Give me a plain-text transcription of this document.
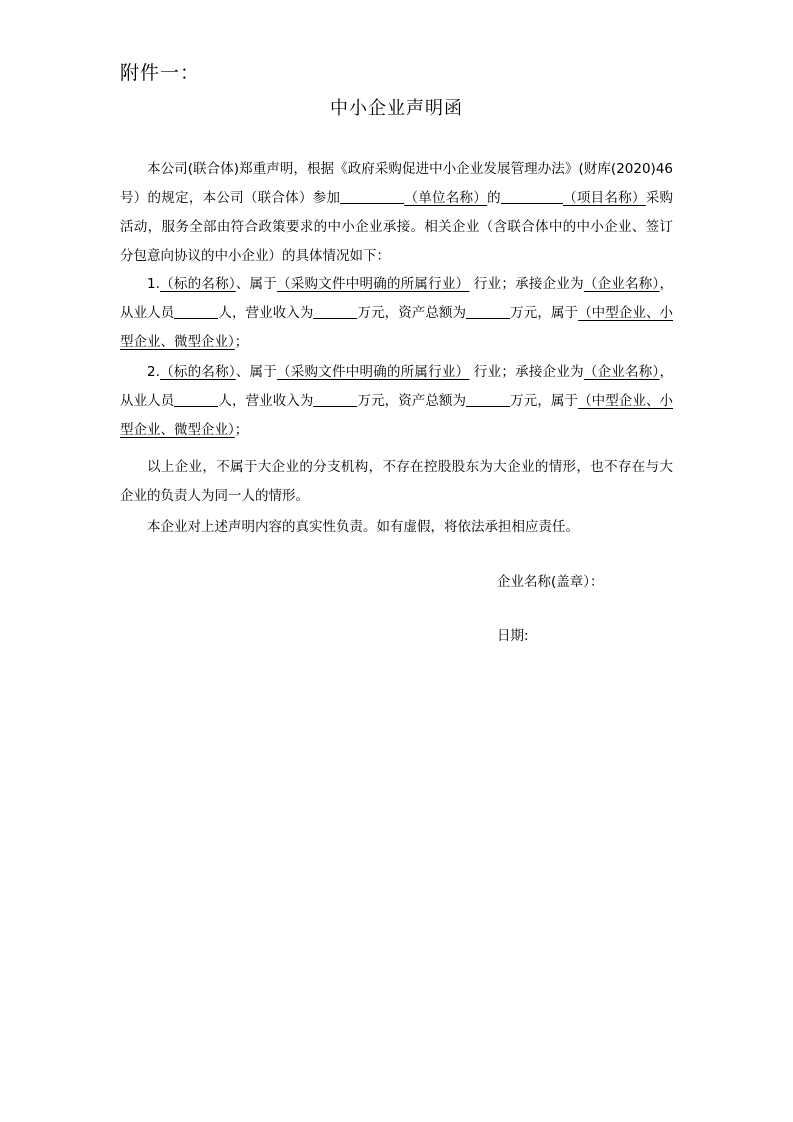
附件一：
中小企业声明函
本公司(联合体)郑重声明，根据《政府采购促进中小企业发展管理办法》(财库(2020)46号）的规定，本公司（联合体）参加	（单位名称）的	（项目名称）采购活动，服务全部由符合政策要求的中小企业承接。相关企业（含联合体中的中小企业、签订分包意向协议的中小企业）的具体情况如下：
1.（标的名称）、属于（采购文件中明确的所属行业） 行业；承接企业为（企业名称），从业人员	人，营业收入为	万元，资产总额为	万元，属于（中型企业、小型企业、微型企业）；
2.（标的名称）、属于（采购文件中明确的所属行业） 行业；承接企业为（企业名称），从业人员	人，营业收入为	万元，资产总额为	万元，属于（中型企业、小型企业、微型企业）；
以上企业，不属于大企业的分支机构，不存在控股股东为大企业的情形，也不存在与大企业的负责人为同一人的情形。
本企业对上述声明内容的真实性负责。如有虚假，将依法承担相应责任。
企业名称(盖章）：
日期:
